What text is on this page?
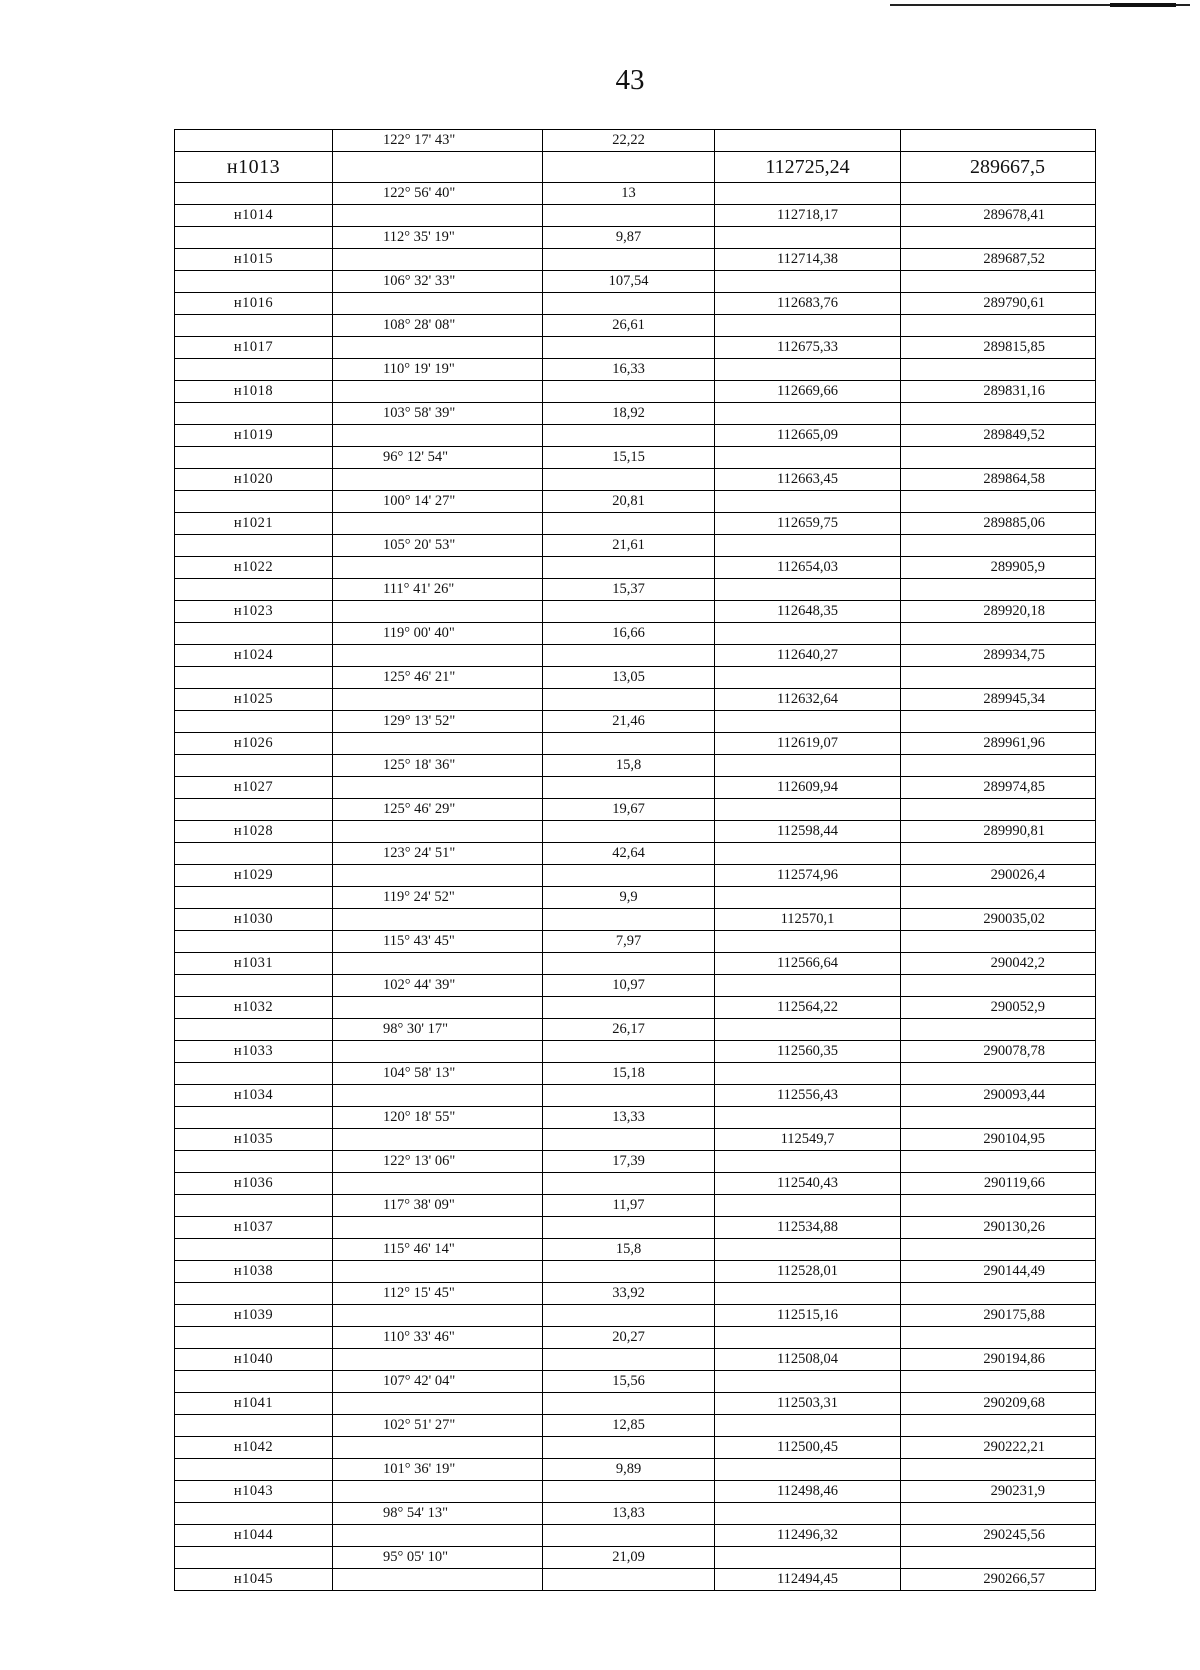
43
	122° 17' 43"	22,22		
н1013			112725,24	289667,5
	122° 56' 40"	13		
н1014			112718,17	289678,41
	112° 35' 19"	9,87		
н1015			112714,38	289687,52
	106° 32' 33"	107,54		
н1016			112683,76	289790,61
	108° 28' 08"	26,61		
н1017			112675,33	289815,85
	110° 19' 19"	16,33		
н1018			112669,66	289831,16
	103° 58' 39"	18,92		
н1019			112665,09	289849,52
	96° 12' 54"	15,15		
н1020			112663,45	289864,58
	100° 14' 27"	20,81		
н1021			112659,75	289885,06
	105° 20' 53"	21,61		
н1022			112654,03	289905,9
	111° 41' 26"	15,37		
н1023			112648,35	289920,18
	119° 00' 40"	16,66		
н1024			112640,27	289934,75
	125° 46' 21"	13,05		
н1025			112632,64	289945,34
	129° 13' 52"	21,46		
н1026			112619,07	289961,96
	125° 18' 36"	15,8		
н1027			112609,94	289974,85
	125° 46' 29"	19,67		
н1028			112598,44	289990,81
	123° 24' 51"	42,64		
н1029			112574,96	290026,4
	119° 24' 52"	9,9		
н1030			112570,1	290035,02
	115° 43' 45"	7,97		
н1031			112566,64	290042,2
	102° 44' 39"	10,97		
н1032			112564,22	290052,9
	98° 30' 17"	26,17		
н1033			112560,35	290078,78
	104° 58' 13"	15,18		
н1034			112556,43	290093,44
	120° 18' 55"	13,33		
н1035			112549,7	290104,95
	122° 13' 06"	17,39		
н1036			112540,43	290119,66
	117° 38' 09"	11,97		
н1037			112534,88	290130,26
	115° 46' 14"	15,8		
н1038			112528,01	290144,49
	112° 15' 45"	33,92		
н1039			112515,16	290175,88
	110° 33' 46"	20,27		
н1040			112508,04	290194,86
	107° 42' 04"	15,56		
н1041			112503,31	290209,68
	102° 51' 27"	12,85		
н1042			112500,45	290222,21
	101° 36' 19"	9,89		
н1043			112498,46	290231,9
	98° 54' 13"	13,83		
н1044			112496,32	290245,56
	95° 05' 10"	21,09		
н1045			112494,45	290266,57
